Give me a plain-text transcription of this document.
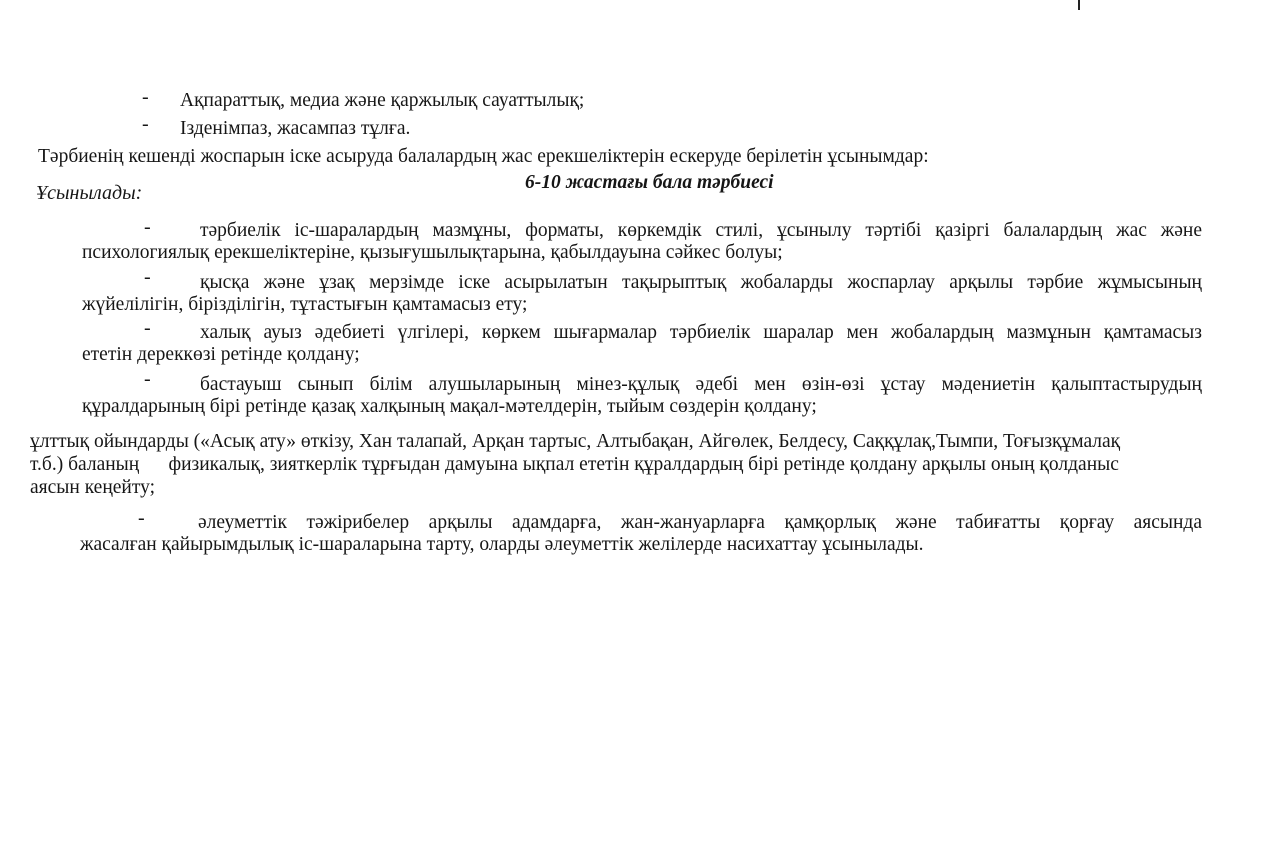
- Ақпараттық, медиа және қаржылық сауаттылық;
- Ізденімпаз, жасампаз тұлға.
Тәрбиенің кешенді жоспарын іске асыруда балалардың жас ерекшеліктерін ескеруде берілетін ұсынымдар:
6-10 жастағы бала тәрбиесі
Ұсынылады:
-	тәрбиелік іс-шаралардың мазмұны, форматы, көркемдік стилі, ұсынылу тәртібі қазіргі балалардың жас және
психологиялық ерекшеліктеріне, қызығушылықтарына, қабылдауына сәйкес болуы;
-	қысқа және ұзақ мерзімде іске асырылатын тақырыптық жобаларды жоспарлау арқылы тәрбие жұмысының
жүйелілігін, бірізділігін, тұтастығын қамтамасыз ету;
-	халық ауыз әдебиеті үлгілері, көркем шығармалар тәрбиелік шаралар мен жобалардың мазмұнын қамтамасыз
ететін дереккөзі ретінде қолдану;
-	бастауыш сынып білім алушыларының мінез-құлық әдебі мен өзін-өзі ұстау мәдениетін қалыптастырудың
құралдарының бірі ретінде қазақ халқының мақал-мәтелдерін, тыйым сөздерін қолдану;
ұлттық ойындарды («Асық ату» өткізу, Хан талапай, Арқан тартыс, Алтыбақан, Айгөлек, Белдесу, Саққұлақ,Тымпи, Тоғызқұмалақ
т.б.) баланың      физикалық, зияткерлік тұрғыдан дамуына ықпал ететін құралдардың бірі ретінде қолдану арқылы оның қолданыс
аясын кеңейту;
-	әлеуметтік тәжірибелер арқылы адамдарға, жан-жануарларға қамқорлық және табиғатты қорғау аясында
жасалған қайырымдылық іс-шараларына тарту, оларды әлеуметтік желілерде насихаттау ұсынылады.
